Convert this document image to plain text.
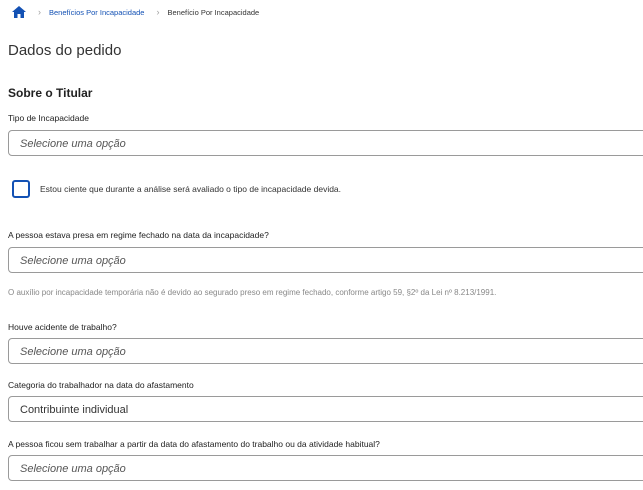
› Benefícios Por Incapacidade › Benefício Por Incapacidade
Dados do pedido
Sobre o Titular
Tipo de Incapacidade
Selecione uma opção
Estou ciente que durante a análise será avaliado o tipo de incapacidade devida.
A pessoa estava presa em regime fechado na data da incapacidade?
Selecione uma opção
O auxílio por incapacidade temporária não é devido ao segurado preso em regime fechado, conforme artigo 59, §2º da Lei nº 8.213/1991.
Houve acidente de trabalho?
Selecione uma opção
Categoria do trabalhador na data do afastamento
Contribuinte individual
A pessoa ficou sem trabalhar a partir da data do afastamento do trabalho ou da atividade habitual?
Selecione uma opção
